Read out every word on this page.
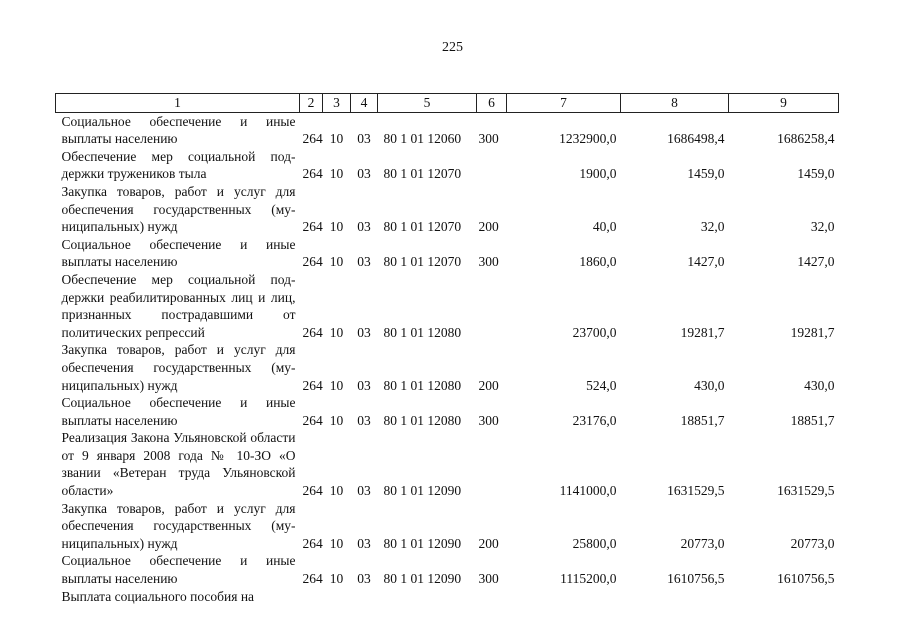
225
1	2	3	4	5	6	7	8	9
Социальное обеспечение и иные выплаты населению	264	10	03	80 1 01 12060	300	1232900,0	1686498,4	1686258,4
Обеспечение мер социальной поддержки тружеников тыла	264	10	03	80 1 01 12070		1900,0	1459,0	1459,0
Закупка товаров, работ и услуг для обеспечения государственных (муниципальных) нужд	264	10	03	80 1 01 12070	200	40,0	32,0	32,0
Социальное обеспечение и иные выплаты населению	264	10	03	80 1 01 12070	300	1860,0	1427,0	1427,0
Обеспечение мер социальной поддержки реабилитированных лиц и лиц, признанных пострадавшими от политических репрессий	264	10	03	80 1 01 12080		23700,0	19281,7	19281,7
Закупка товаров, работ и услуг для обеспечения государственных (муниципальных) нужд	264	10	03	80 1 01 12080	200	524,0	430,0	430,0
Социальное обеспечение и иные выплаты населению	264	10	03	80 1 01 12080	300	23176,0	18851,7	18851,7
Реализация Закона Ульяновской области от 9 января 2008 года № 10-ЗО «О звании «Ветеран труда Ульяновской области»	264	10	03	80 1 01 12090		1141000,0	1631529,5	1631529,5
Закупка товаров, работ и услуг для обеспечения государственных (муниципальных) нужд	264	10	03	80 1 01 12090	200	25800,0	20773,0	20773,0
Социальное обеспечение и иные выплаты населению	264	10	03	80 1 01 12090	300	1115200,0	1610756,5	1610756,5
Выплата социального пособия на								
